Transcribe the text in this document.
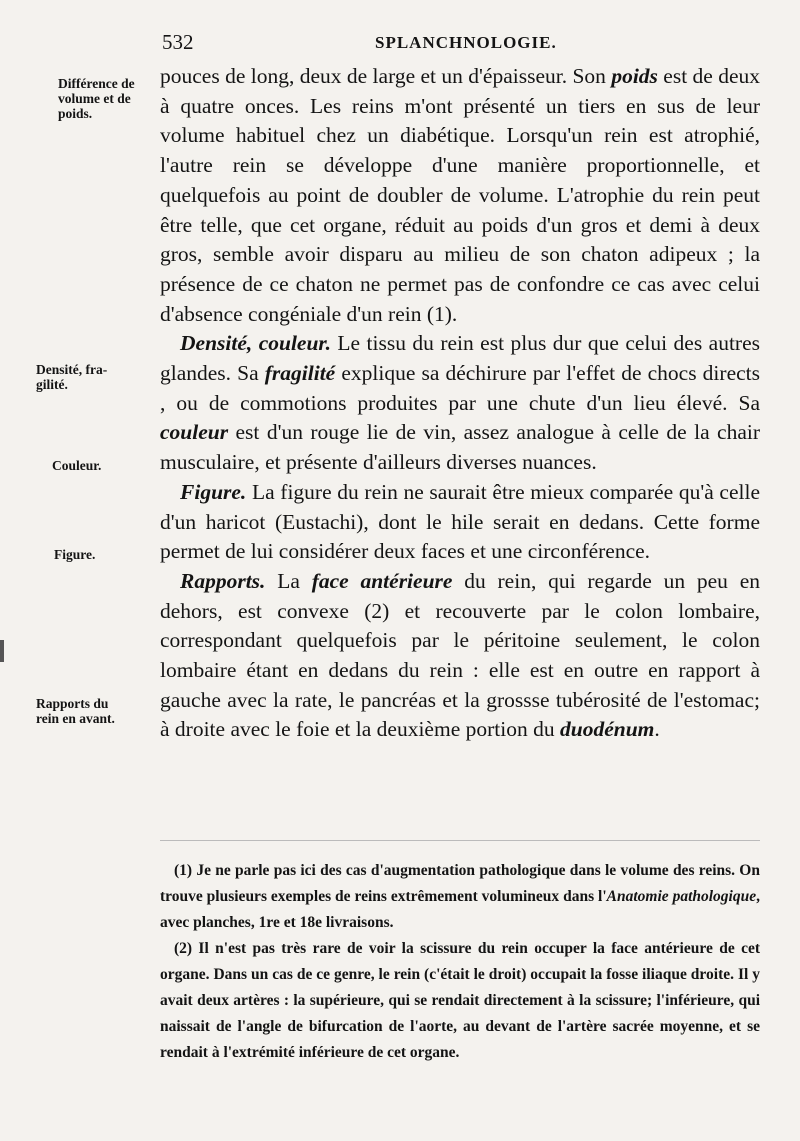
532	SPLANCHNOLOGIE.
Différence de
volume et de
poids.
Densité, fra-
gilité.
Couleur.
Figure.
Rapports du
rein en avant.

pouces de long, deux de large et un d'épaisseur. Son poids est de deux à quatre onces. Les reins m'ont présenté un tiers en sus de leur volume habituel chez un diabétique. Lorsqu'un rein est atrophié, l'autre rein se développe d'une manière proportionnelle, et quelquefois au point de doubler de volume. L'atrophie du rein peut être telle, que cet organe, réduit au poids d'un gros et demi à deux gros, semble avoir disparu au milieu de son chaton adipeux ; la présence de ce chaton ne permet pas de confondre ce cas avec celui d'absence congéniale d'un rein (1).

Densité, couleur. Le tissu du rein est plus dur que celui des autres glandes. Sa fragilité explique sa déchirure par l'effet de chocs directs , ou de commotions produites par une chute d'un lieu élevé. Sa couleur est d'un rouge lie de vin, assez analogue à celle de la chair musculaire, et présente d'ailleurs diverses nuances.

Figure. La figure du rein ne saurait être mieux comparée qu'à celle d'un haricot (Eustachi), dont le hile serait en dedans. Cette forme permet de lui considérer deux faces et une circonférence.

Rapports. La face antérieure du rein, qui regarde un peu en dehors, est convexe (2) et recouverte par le colon lombaire, correspondant quelquefois par le péritoine seulement, le colon lombaire étant en dedans du rein : elle est en outre en rapport à gauche avec la rate, le pancréas et la grossse tubérosité de l'estomac; à droite avec le foie et la deuxième portion du duodénum.

(1) Je ne parle pas ici des cas d'augmentation pathologique dans le volume des reins. On trouve plusieurs exemples de reins extrêmement volumineux dans l'Anatomie pathologique, avec planches, 1re et 18e livraisons.

(2) Il n'est pas très rare de voir la scissure du rein occuper la face antérieure de cet organe. Dans un cas de ce genre, le rein (c'était le droit) occupait la fosse iliaque droite. Il y avait deux artères : la supérieure, qui se rendait directement à la scissure; l'inférieure, qui naissait de l'angle de bifurcation de l'aorte, au devant de l'artère sacrée moyenne, et se rendait à l'extrémité inférieure de cet organe.
